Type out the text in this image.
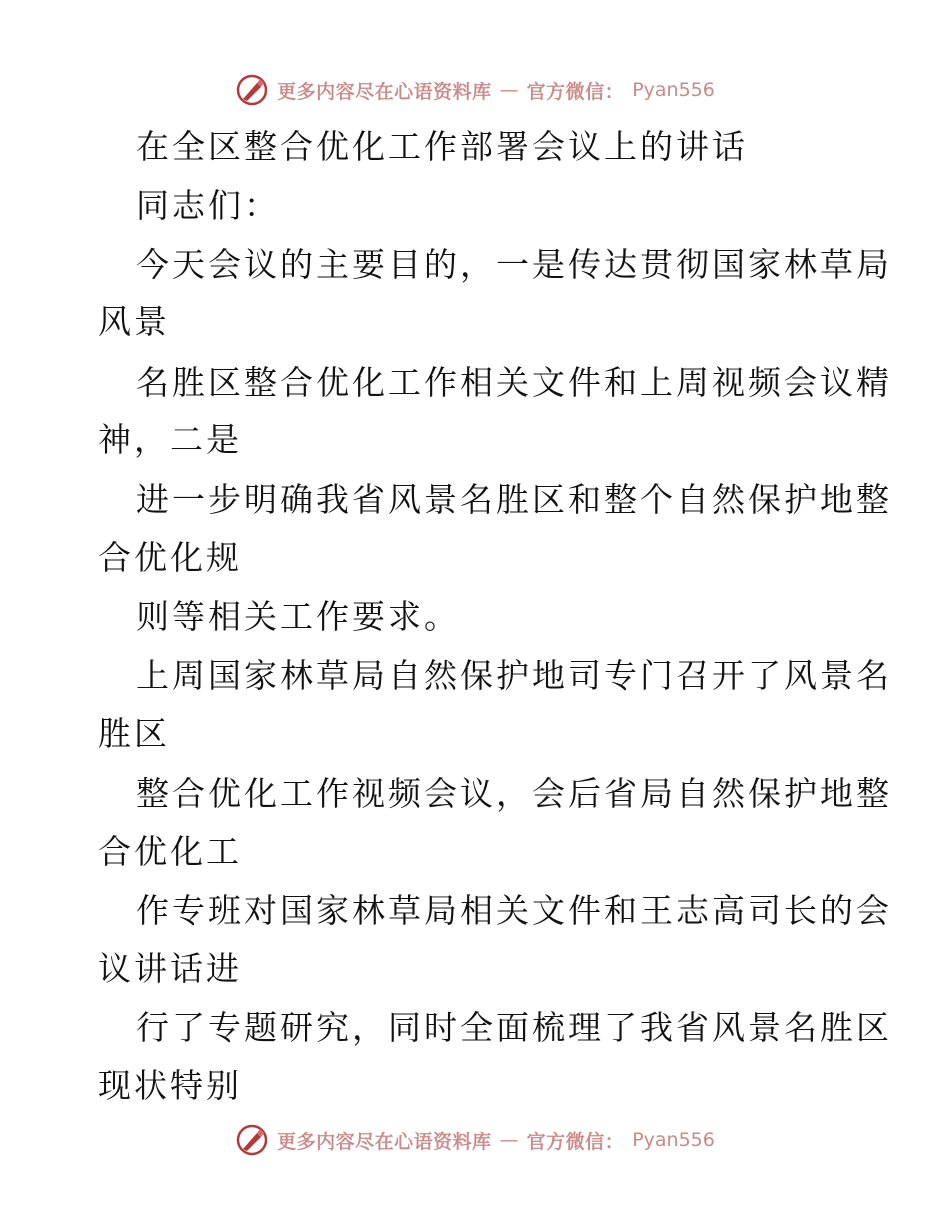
更多内容尽在心语资料库 — 官方微信： Pyan556
在全区整合优化工作部署会议上的讲话
同志们：
今天会议的主要目的，一是传达贯彻国家林草局
风景
名胜区整合优化工作相关文件和上周视频会议精
神，二是
进一步明确我省风景名胜区和整个自然保护地整
合优化规
则等相关工作要求。
上周国家林草局自然保护地司专门召开了风景名
胜区
整合优化工作视频会议，会后省局自然保护地整
合优化工
作专班对国家林草局相关文件和王志高司长的会
议讲话进
行了专题研究，同时全面梳理了我省风景名胜区
现状特别
更多内容尽在心语资料库 — 官方微信： Pyan556
